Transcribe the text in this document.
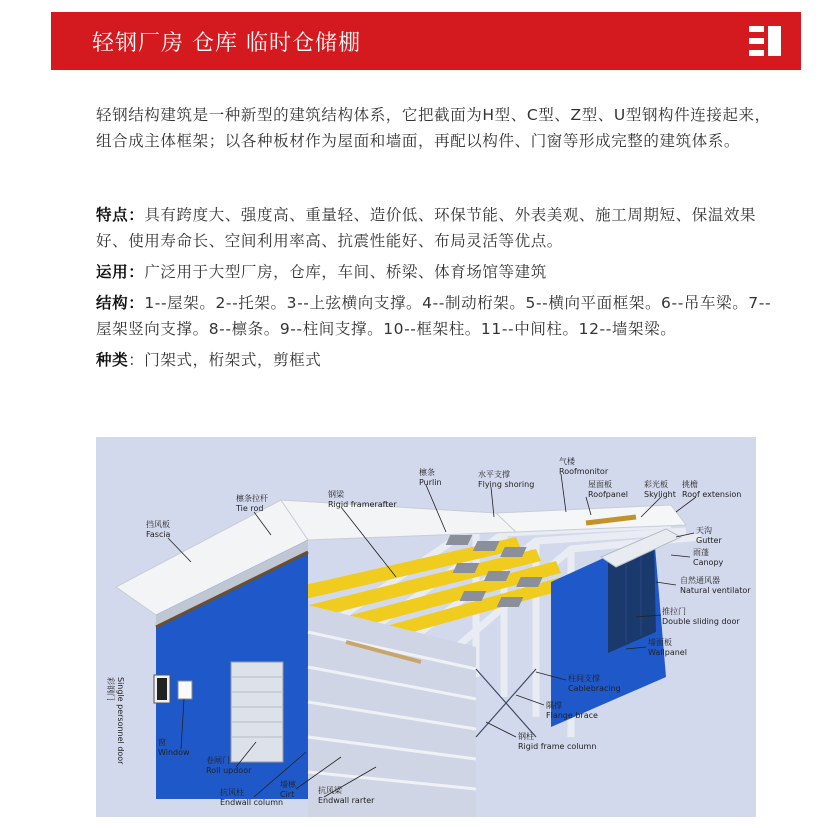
轻钢厂房 仓库 临时仓储棚
轻钢结构建筑是一种新型的建筑结构体系，它把截面为H型、C型、Z型、U型钢构件连接起来，组合成主体框架；以各种板材作为屋面和墙面，再配以构件、门窗等形成完整的建筑体系。

特点：具有跨度大、强度高、重量轻、造价低、环保节能、外表美观、施工周期短、保温效果好、使用寿命长、空间利用率高、抗震性能好、布局灵活等优点。

运用：广泛用于大型厂房，仓库，车间、桥梁、体育场馆等建筑

结构：1--屋架。2--托架。3--上弦横向支撑。4--制动桁架。5--横向平面框架。6--吊车梁。7--屋架竖向支撑。8--檩条。9--柱间支撑。10--框架柱。11--中间柱。12--墙架梁。

种类：门架式，桁架式，剪框式

挡风板
Fascia
檩条拉杆
Tie rod
钢梁
Rigid framerafter
檩条
Purlin
水平支撑
Flying shoring
气楼
Roofmonitor
屋面板
Roofpanel
彩光板
Skylight
挑檐
Roof extension
天沟
Gutter
雨蓬
Canopy
自然通风器
Natural ventilator
推拉门
Double sliding door
墙面板
Wallpanel
柱间支撑
Cablebracing
隅撑
Flange brace
钢柱
Rigid frame column
彩钢门 Single personnel door	窗
Window
卷闸门
Roll updoor
抗风柱
Endwall column
墙檩
Cirt	抗风梁
Endwall rarter
